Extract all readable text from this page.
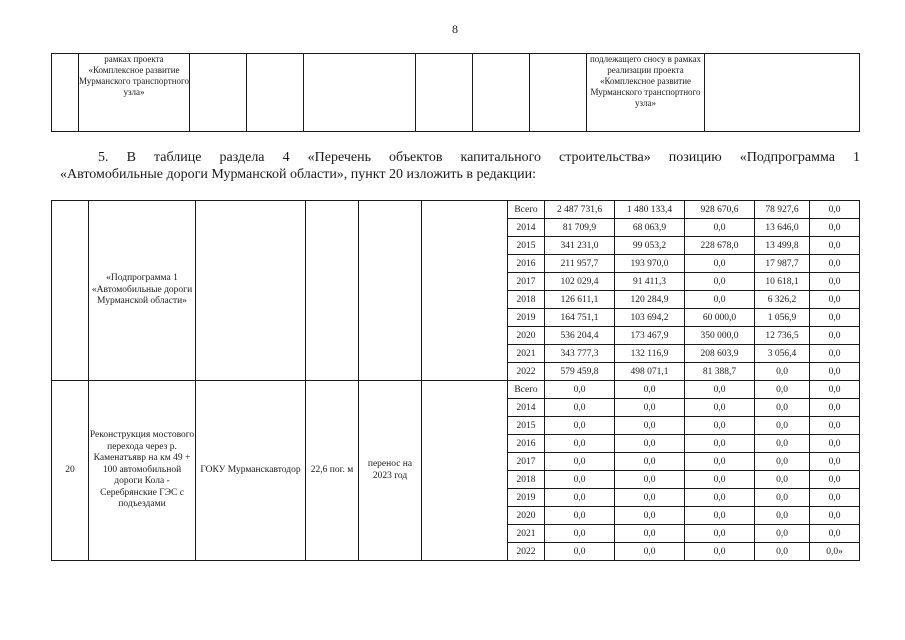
8
	рамках проекта «Комплексное развитие Мурманского транспортного узла»							подлежащего сносу в рамках реализации проекта «Комплексное развитие Мурманского транспортного узла»	

5. В таблице раздела 4 «Перечень объектов капитального строительства» позицию «Подпрограмма 1

«Автомобильные дороги Мурманской области», пункт 20 изложить в редакции:

	«Подпрограмма 1 «Автомобильные дороги Мурманской области»					Всего	2 487 731,6	1 480 133,4	928 670,6	78 927,6	0,0
						2014	81 709,9	68 063,9	0,0	13 646,0	0,0
						2015	341 231,0	99 053,2	228 678,0	13 499,8	0,0
						2016	211 957,7	193 970,0	0,0	17 987,7	0,0
						2017	102 029,4	91 411,3	0,0	10 618,1	0,0
						2018	126 611,1	120 284,9	0,0	6 326,2	0,0
						2019	164 751,1	103 694,2	60 000,0	1 056,9	0,0
						2020	536 204,4	173 467,9	350 000,0	12 736,5	0,0
						2021	343 777,3	132 116,9	208 603,9	3 056,4	0,0
						2022	579 459,8	498 071,1	81 388,7	0,0	0,0
20	Реконструкция мостового перехода через р. Каменатъявр на км 49 + 100 автомобильной дороги Кола - Серебрянские ГЭС с подъездами	ГОКУ Мурманскавтодор	22,6 пог. м	перенос на 2023 год		Всего	0,0	0,0	0,0	0,0	0,0
						2014	0,0	0,0	0,0	0,0	0,0
						2015	0,0	0,0	0,0	0,0	0,0
						2016	0,0	0,0	0,0	0,0	0,0
						2017	0,0	0,0	0,0	0,0	0,0
						2018	0,0	0,0	0,0	0,0	0,0
						2019	0,0	0,0	0,0	0,0	0,0
						2020	0,0	0,0	0,0	0,0	0,0
						2021	0,0	0,0	0,0	0,0	0,0
						2022	0,0	0,0	0,0	0,0	0,0»
